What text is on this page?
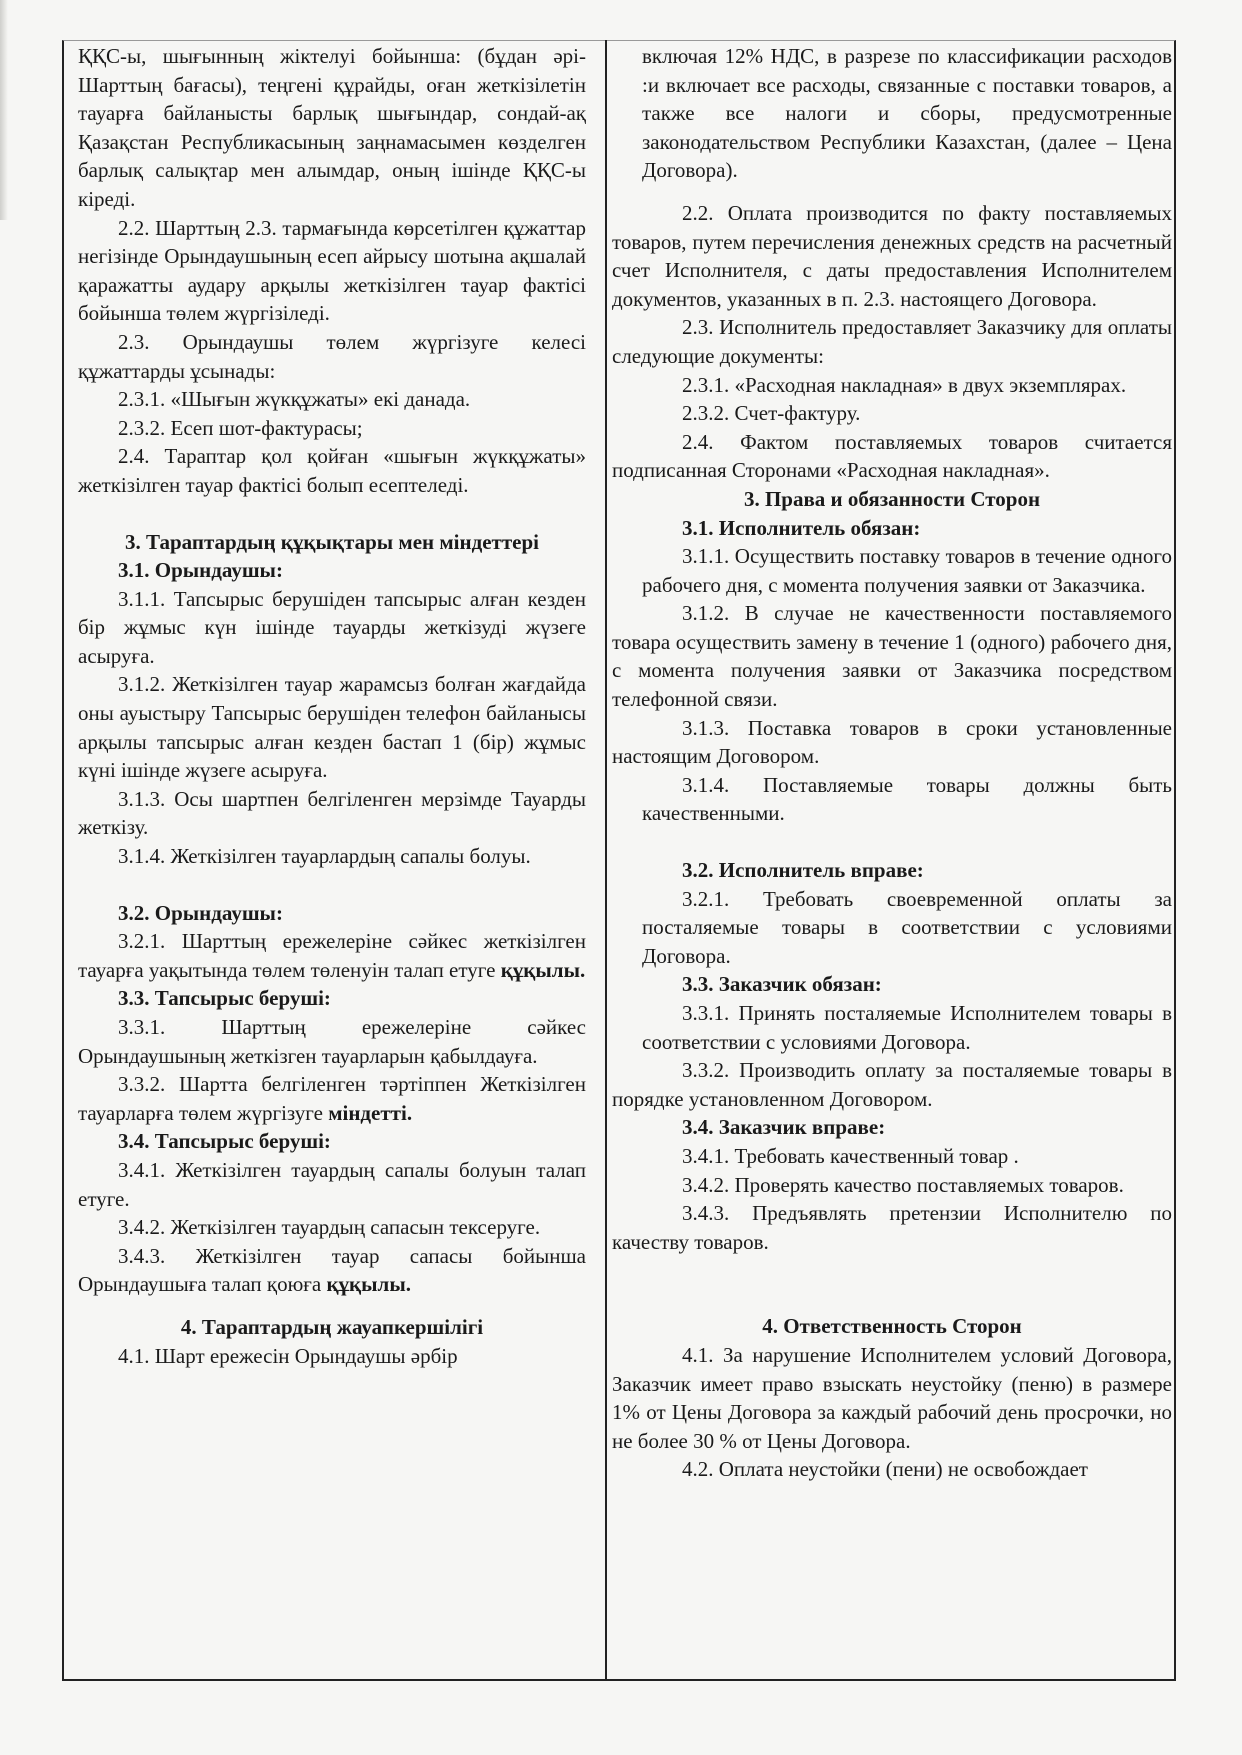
ҚҚС-ы, шығынның жіктелуі бойынша: (бұдан әрі-Шарттың бағасы), теңгені құрайды, оған жеткізілетін тауарға байланысты барлық шығындар, сондай-ақ Қазақстан Республикасының заңнамасымен көзделген барлық салықтар мен алымдар, оның ішінде ҚҚС-ы кіреді.

2.2. Шарттың 2.3. тармағында көрсетілген құжаттар негізінде Орындаушының есеп айрысу шотына ақшалай қаражатты аудару арқылы жеткізілген тауар фактісі бойынша төлем жүргізіледі.

2.3. Орындаушы төлем жүргізуге келесі құжаттарды ұсынады:

2.3.1. «Шығын жүкқұжаты» екі данада.

2.3.2. Есеп шот-фактурасы;

2.4. Тараптар қол қойған «шығын жүкқұжаты» жеткізілген тауар фактісі болып есептеледі.

3. Тараптардың құқықтары мен міндеттері

3.1. Орындаушы:

3.1.1. Тапсырыс берушіден тапсырыс алған кезден бір жұмыс күн ішінде тауарды жеткізуді жүзеге асыруға.

3.1.2. Жеткізілген тауар жарамсыз болған жағдайда оны ауыстыру Тапсырыс берушіден телефон байланысы арқылы тапсырыс алған кезден бастап 1 (бір) жұмыс күні ішінде жүзеге асыруға.

3.1.3. Осы шартпен белгіленген мерзімде Тауарды жеткізу.

3.1.4. Жеткізілген тауарлардың сапалы болуы.

3.2. Орындаушы:

3.2.1. Шарттың ережелеріне сәйкес жеткізілген тауарға уақытында төлем төленуін талап етуге құқылы.

3.3. Тапсырыс беруші:

3.3.1. Шарттың ережелеріне сәйкес Орындаушының жеткізген тауарларын қабылдауға.

3.3.2. Шартта белгіленген тәртіппен Жеткізілген тауарларға төлем жүргізуге міндетті.

3.4. Тапсырыс беруші:

3.4.1. Жеткізілген тауардың сапалы болуын талап етуге.

3.4.2. Жеткізілген тауардың сапасын тексеруге.

3.4.3. Жеткізілген тауар сапасы бойынша Орындаушыға талап қоюға құқылы.

4. Тараптардың жауапкершілігі

4.1. Шарт ережесін Орындаушы әрбір

включая 12% НДС, в разрезе по классификации расходов :и включает все расходы, связанные с поставки товаров, а также все налоги и сборы, предусмотренные законодательством Республики Казахстан, (далее – Цена Договора).

2.2. Оплата производится по факту поставляемых товаров, путем перечисления денежных средств на расчетный счет Исполнителя, с даты предоставления Исполнителем документов, указанных в п. 2.3. настоящего Договора.

2.3. Исполнитель предоставляет Заказчику для оплаты следующие документы:

2.3.1. «Расходная накладная» в двух экземплярах.

2.3.2. Счет-фактуру.

2.4. Фактом поставляемых товаров считается подписанная Сторонами «Расходная накладная».

3. Права и обязанности Сторон

3.1. Исполнитель обязан:

3.1.1. Осуществить поставку товаров в течение одного рабочего дня, с момента получения заявки от Заказчика.

3.1.2. В случае не качественности поставляемого товара осуществить замену в течение 1 (одного) рабочего дня, с момента получения заявки от Заказчика посредством телефонной связи.

3.1.3. Поставка товаров в сроки установленные настоящим Договором.

3.1.4. Поставляемые товары должны быть качественными.

3.2. Исполнитель вправе:

3.2.1. Требовать своевременной оплаты за посталяемые товары в соответствии с условиями Договора.

3.3. Заказчик обязан:

3.3.1. Принять посталяемые Исполнителем товары в соответствии с условиями Договора.

3.3.2. Производить оплату за посталяемые товары в порядке установленном Договором.

3.4. Заказчик вправе:

3.4.1. Требовать качественный товар .

3.4.2. Проверять качество поставляемых товаров.

3.4.3. Предъявлять претензии Исполнителю по качеству товаров.

4. Ответственность Сторон

4.1. За нарушение Исполнителем условий Договора, Заказчик имеет право взыскать неустойку (пеню) в размере 1% от Цены Договора за каждый рабочий день просрочки, но не более 30 % от Цены Договора.

4.2. Оплата неустойки (пени) не освобождает
